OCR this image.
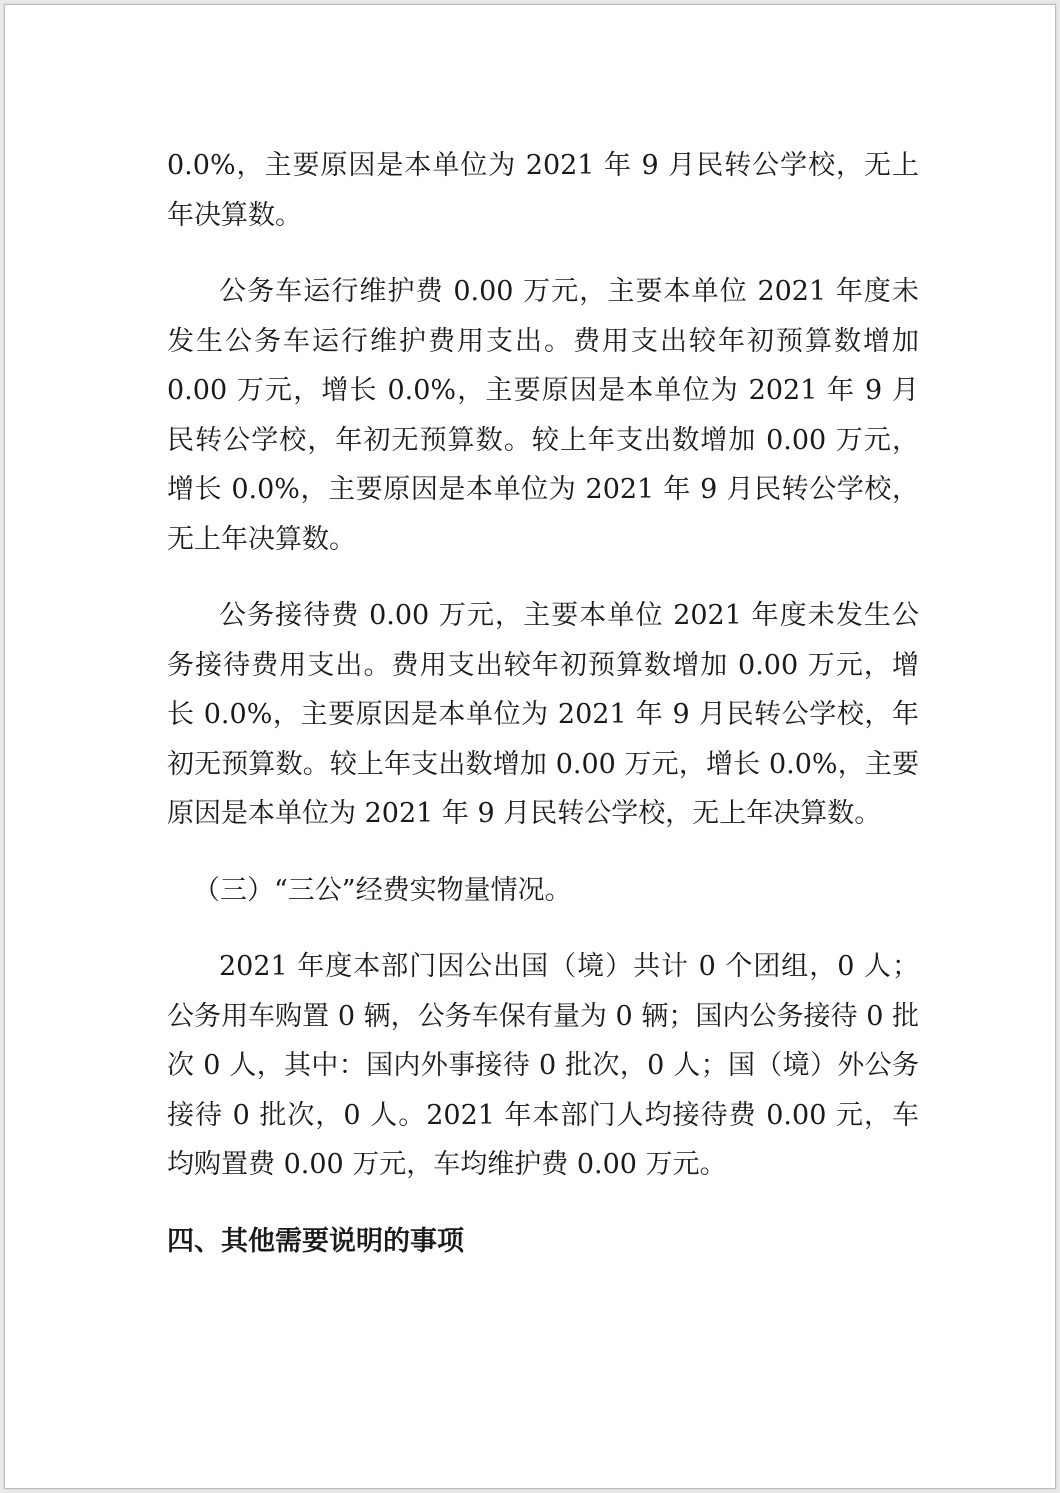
0.0%，主要原因是本单位为 2021 年 9 月民转公学校，无上年决算数。

公务车运行维护费 0.00 万元，主要本单位 2021 年度未发生公务车运行维护费用支出。费用支出较年初预算数增加 0.00 万元，增长 0.0%，主要原因是本单位为 2021 年 9 月民转公学校，年初无预算数。较上年支出数增加 0.00 万元，增长 0.0%，主要原因是本单位为 2021 年 9 月民转公学校，无上年决算数。

公务接待费 0.00 万元，主要本单位 2021 年度未发生公务接待费用支出。费用支出较年初预算数增加 0.00 万元，增长 0.0%，主要原因是本单位为 2021 年 9 月民转公学校，年初无预算数。较上年支出数增加 0.00 万元，增长 0.0%，主要原因是本单位为 2021 年 9 月民转公学校，无上年决算数。

（三）“三公”经费实物量情况。

2021 年度本部门因公出国（境）共计 0 个团组，0 人；公务用车购置 0 辆，公务车保有量为 0 辆；国内公务接待 0 批次 0 人，其中：国内外事接待 0 批次，0 人；国（境）外公务接待 0 批次，0 人。2021 年本部门人均接待费 0.00 元，车均购置费 0.00 万元，车均维护费 0.00 万元。

四、其他需要说明的事项
